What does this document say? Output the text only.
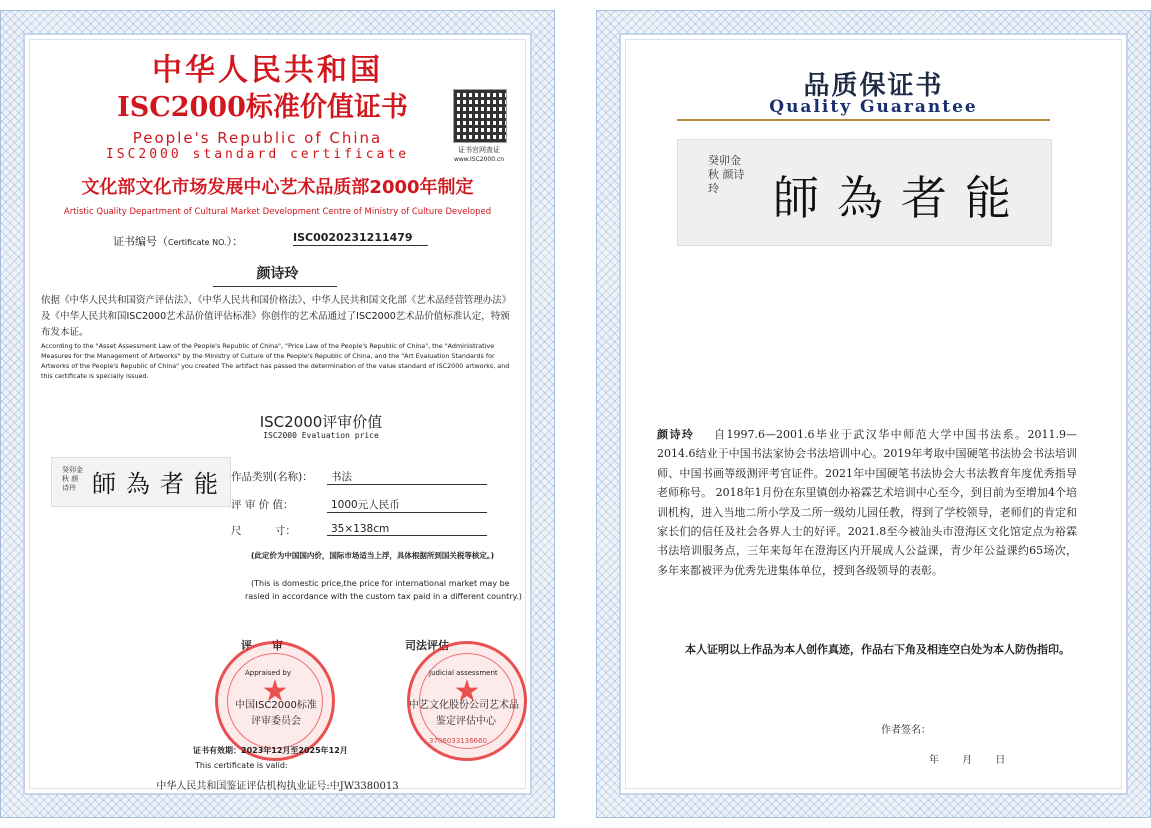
中华人民共和国
ISC2000标准价值证书
People's Republic of China
ISC2000 standard certificate	证书官网查证
www.ISC2000.cn
文化部文化市场发展中心艺术品质部2000年制定
Artistic Quality Department of Cultural Market Development Centre of Ministry of Culture Developed
证书编号（Certificate NO.）：	ISC0020231211479
颜诗玲
依据《中华人民共和国资产评估法》、《中华人民共和国价格法》、中华人民共和国文化部《艺术品经营管理办法》及《中华人民共和国ISC2000艺术品价值评估标准》你创作的艺术品通过了ISC2000艺术品价值标准认定，特颁布发本证。
According to the "Asset Assessment Law of the People's Republic of China", "Price Law of the People's Republic of China", the "Administrative Measures for the Management of Artworks" by the Ministry of Culture of the People's Republic of China, and the "Art Evaluation Standards for Artworks of the People's Republic of China" you created The artifact has passed the determination of the value standard of ISC2000 artworks, and this certificate is specially issued.
ISC2000评审价值
ISC2000 Evaluation price
癸卯金秋 颜诗玲 師為者能 作品类别(名称)：	书法
评 审 价 值：	1000元人民币
尺          寸：	35×138cm
(此定价为中国国内价，国际市场适当上浮，具体根据所到国关税等核定。)
(This is domestic price,the price for international market may be rasied in accordance with the custom tax paid in a different country.)
评 审	司法评估
★
Appraised by
中国ISC2000标准
评审委员会
★
Judicial assessment
中艺文化股份公司艺术品
鉴定评估中心
3706033136660
证书有效期：2023年12月至2025年12月
This certificate is valid:
中华人民共和国鉴证评估机构执业证号:中JW3380013
品质保证书
Quality Guarantee
癸卯金秋 颜诗玲	師為者能
颜诗玲 自1997.6—2001.6毕业于武汉华中师范大学中国书法系。2011.9—2014.6结业于中国书法家协会书法培训中心。2019年考取中国硬笔书法协会书法培训师、中国书画等级测评考官证件。2021年中国硬笔书法协会大书法教育年度优秀指导老师称号。 2018年1月份在东里镇创办裕霖艺术培训中心至今，到目前为至增加4个培训机构，进入当地二所小学及二所一级幼儿园任教，得到了学校领导，老师们的肯定和家长们的信任及社会各界人士的好评。2021.8至今被汕头市澄海区文化馆定点为裕霖书法培训服务点，三年来每年在澄海区内开展成人公益课，青少年公益课约65场次，多年来都被评为优秀先进集体单位，授到各级领导的表彰。
本人证明以上作品为本人创作真迹，作品右下角及相连空白处为本人防伪指印。
作者签名：
年 月 日
